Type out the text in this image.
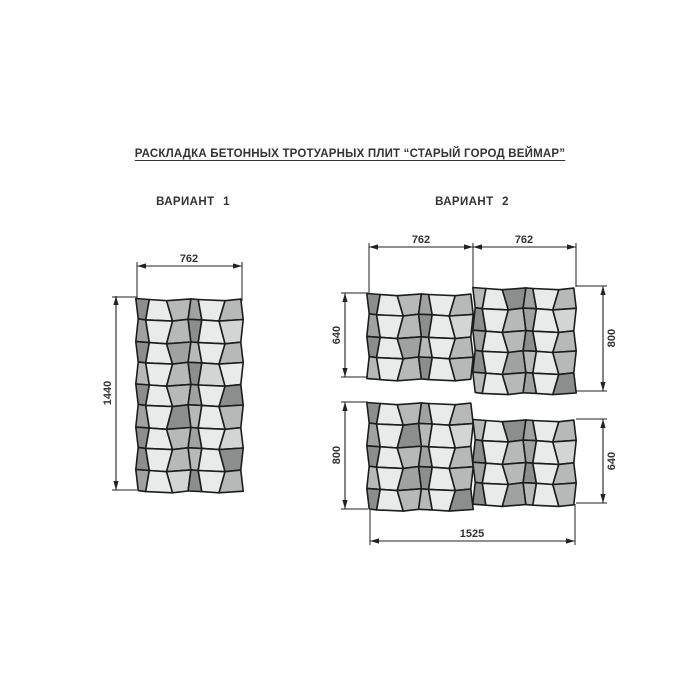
РАСКЛАДКА БЕТОННЫХ ТРОТУАРНЫХ ПЛИТ “СТАРЫЙ ГОРОД ВЕЙМАР”
ВАРИАНТ 1	ВАРИАНТ 2
762
1440
762	762
640	800
800	640
1525
